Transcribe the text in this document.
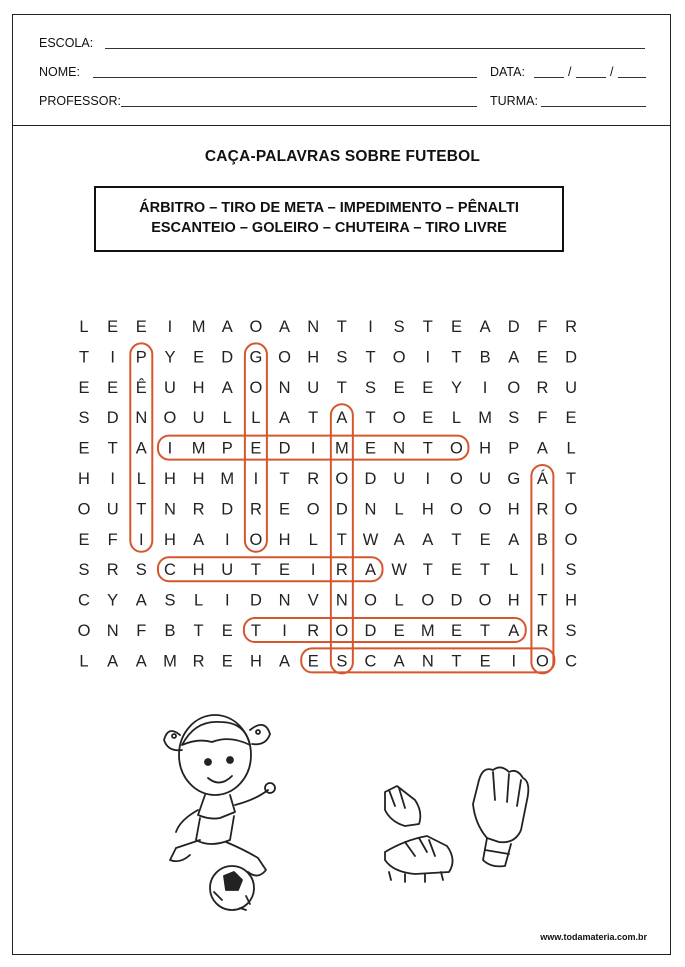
ESCOLA:
NOME:	DATA:	/	/
PROFESSOR:	TURMA:
CAÇA-PALAVRAS SOBRE FUTEBOL
ÁRBITRO – TIRO DE META – IMPEDIMENTO – PÊNALTI
ESCANTEIO – GOLEIRO – CHUTEIRA – TIRO LIVRE
L E E I M A O A N T I S T E A D F R
T I P Y E D G O H S T O I T B A E D
E E Ê U H A O N U T S E E Y I O R U
S D N O U L L A T A T O E L M S F E
E T A I M P E D I M E N T O H P A L
H I L H H M I T R O D U I O U G Á T
O U T N R D R E O D N L H O O H R O
E F I H A I O H L T W A A T E A B O
S R S C H U T E I R A W T E T L I S
C Y A S L I D N V N O L O D O H T H
O N F B T E T I R O D E M E T A R S
L A A M R E H A E S C A N T E I O C
www.todamateria.com.br
